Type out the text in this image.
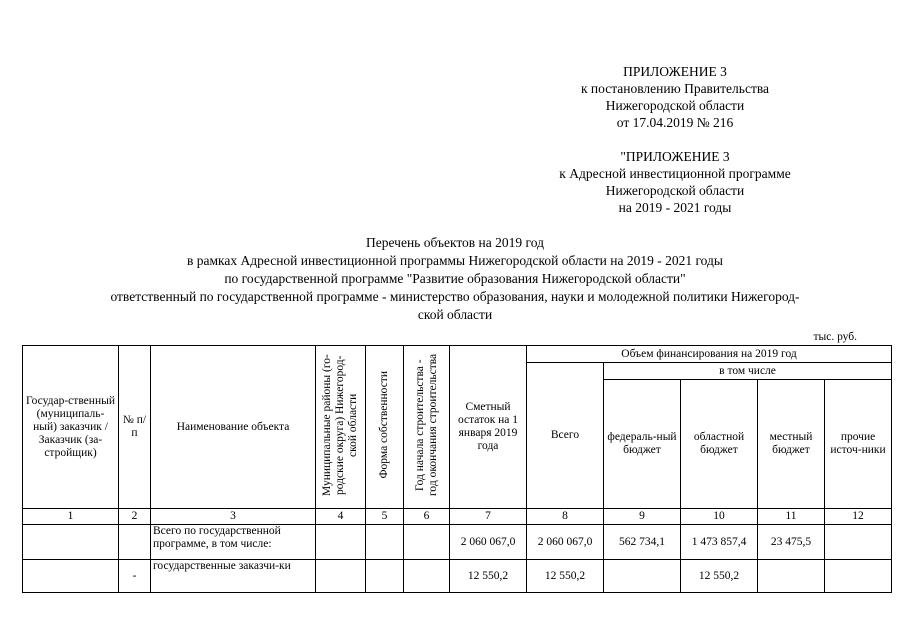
ПРИЛОЖЕНИЕ 3
к постановлению Правительства
Нижегородской области
от 17.04.2019 № 216
"ПРИЛОЖЕНИЕ 3
к Адресной инвестиционной программе
Нижегородской области
на 2019 - 2021 годы
Перечень объектов на 2019 год
в рамках Адресной инвестиционной программы Нижегородской области на 2019 - 2021 годы
по государственной программе "Развитие образования Нижегородской области"
ответственный по государственной программе - министерство образования, науки и молодежной политики Нижегород-
ской области
тыс. руб.
Государ-ственный (муниципаль-ный) заказчик /Заказчик (за-стройщик)	№ п/п	Наименование объекта	Муниципальные районы (го-родские округа) Нижегород-ской области	Форма собственности	Год начала строительства - год окончания строительства	Сметный остаток на 1 января 2019 года	Объем финансирования на 2019 год				
							Всего	в том числе			
								федераль-ный бюджет	областной бюджет	местный бюджет	прочие источ-ники
1	2	3	4	5	6	7	8	9	10	11	12
		Всего по государственной программе, в том числе:				2 060 067,0	2 060 067,0	562 734,1	1 473 857,4	23 475,5	
	-	государственные заказчи-ки				12 550,2	12 550,2		12 550,2		
